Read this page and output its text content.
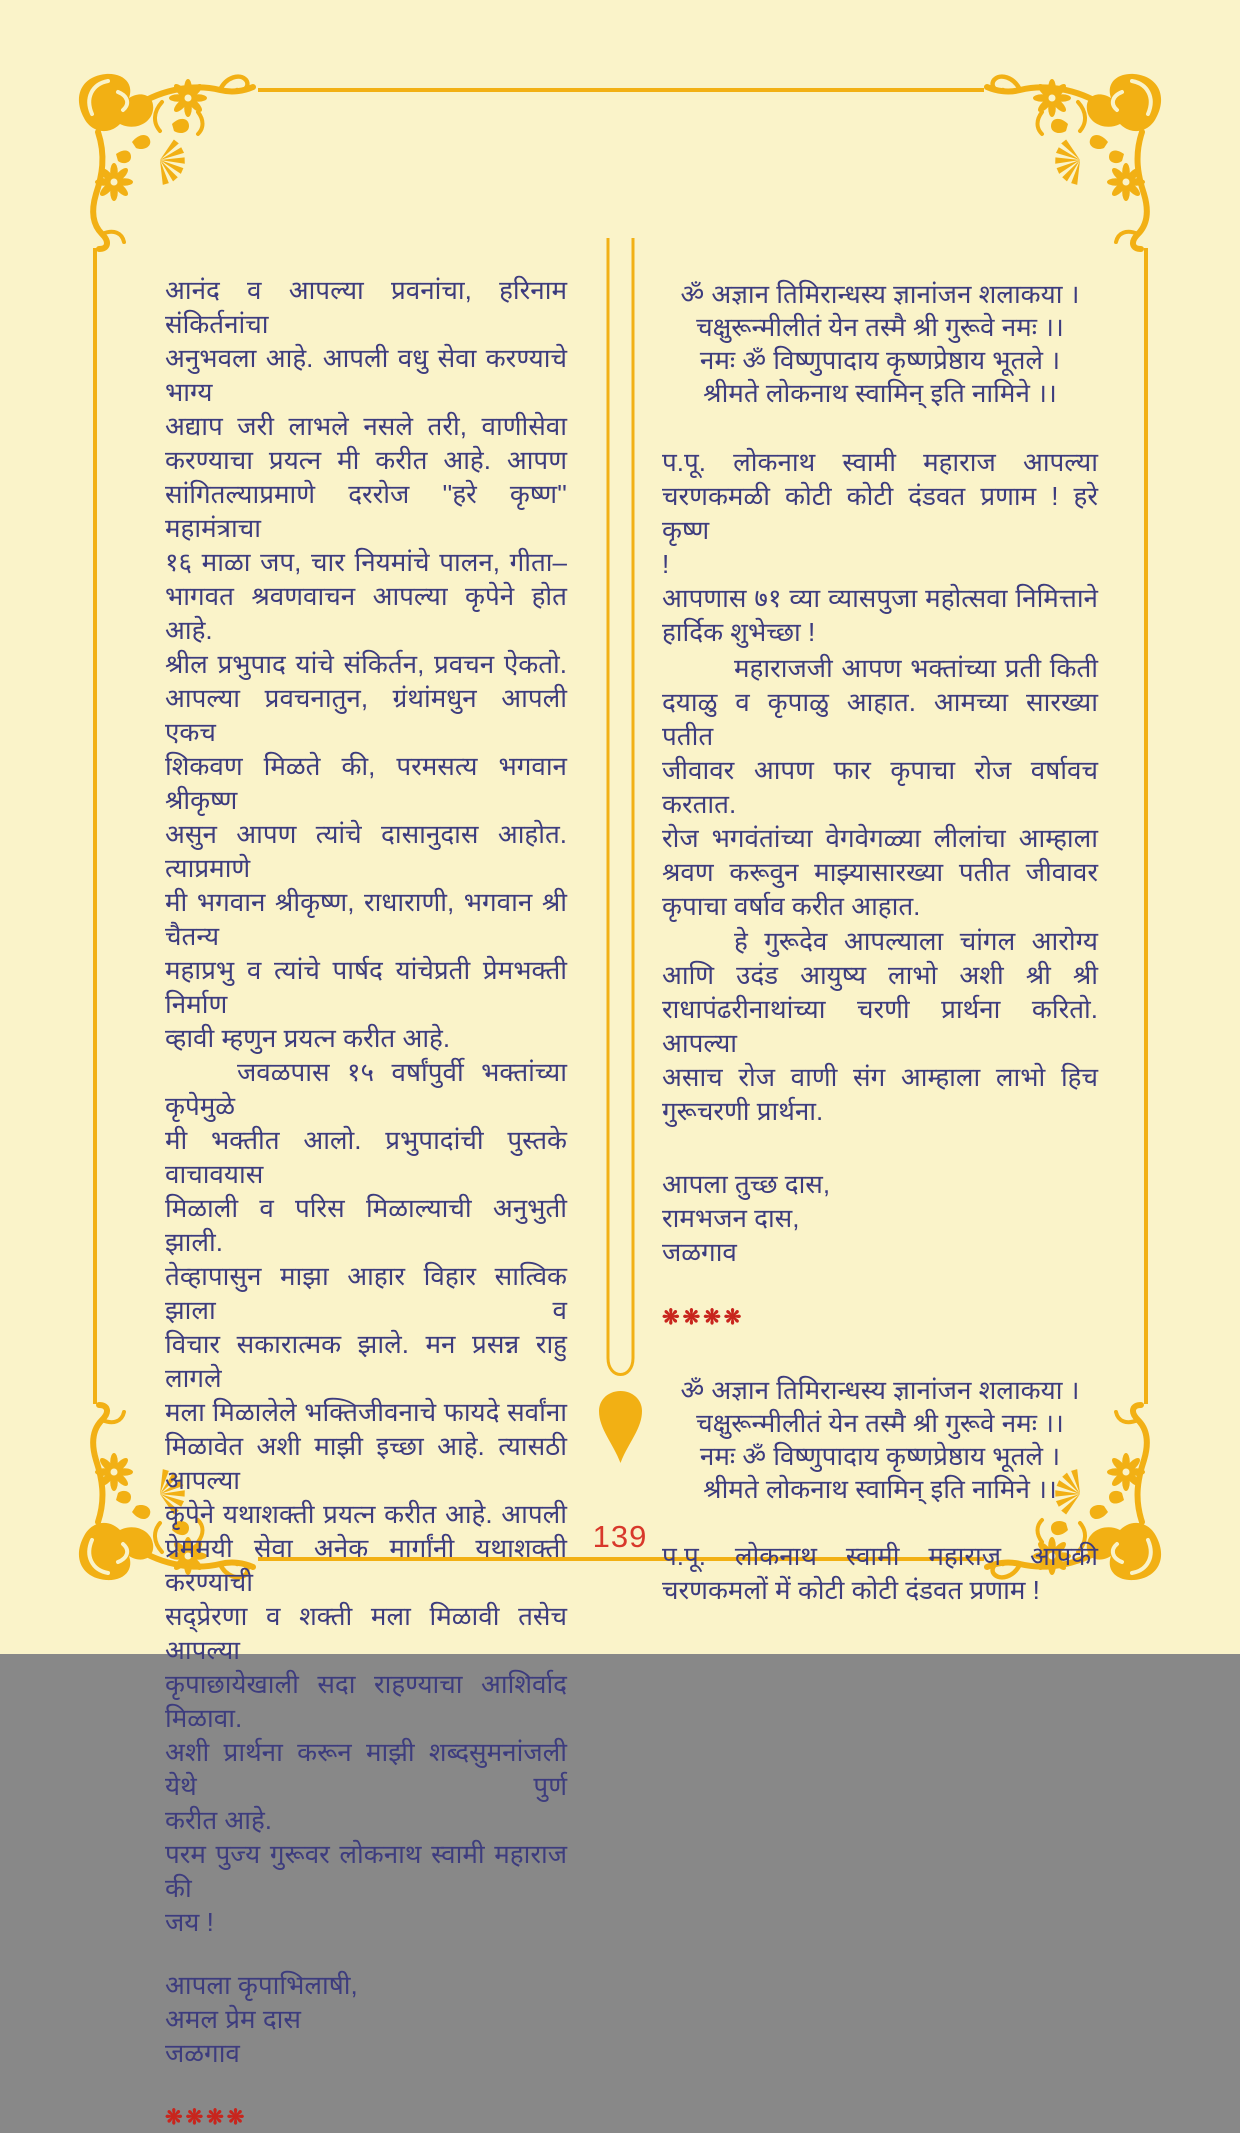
आनंद व आपल्या प्रवनांचा, हरिनाम संकिर्तनांचा
अनुभवला आहे. आपली वधु सेवा करण्याचे भाग्य
अद्याप जरी लाभले नसले तरी, वाणीसेवा
करण्याचा प्रयत्न मी करीत आहे. आपण
सांगितल्याप्रमाणे दररोज ''हरे कृष्ण'' महामंत्राचा
१६ माळा जप, चार नियमांचे पालन, गीता–
भागवत श्रवणवाचन आपल्या कृपेने होत आहे.
श्रील प्रभुपाद यांचे संकिर्तन, प्रवचन ऐकतो.
आपल्या प्रवचनातुन, ग्रंथांमधुन आपली एकच
शिकवण मिळते की, परमसत्य भगवान श्रीकृष्ण
असुन आपण त्यांचे दासानुदास आहोत. त्याप्रमाणे
मी भगवान श्रीकृष्ण, राधाराणी, भगवान श्री चैतन्य
महाप्रभु व त्यांचे पार्षद यांचेप्रती प्रेमभक्ती निर्माण
व्हावी म्हणुन प्रयत्न करीत आहे.
जवळपास १५ वर्षांपुर्वी भक्तांच्या कृपेमुळे
मी भक्तीत आलो. प्रभुपादांची पुस्तके वाचावयास
मिळाली व परिस मिळाल्याची अनुभुती झाली.
तेव्हापासुन माझा आहार विहार सात्विक झाला व
विचार सकारात्मक झाले. मन प्रसन्न राहु लागले
मला मिळालेले भक्तिजीवनाचे फायदे सर्वांना
मिळावेत अशी माझी इच्छा आहे. त्यासठी आपल्या
कृपेने यथाशक्ती प्रयत्न करीत आहे. आपली
प्रेममयी सेवा अनेक मार्गांनी यथाशक्ती करण्याची
सद्प्रेरणा व शक्ती मला मिळावी तसेच आपल्या
कृपाछायेखाली सदा राहण्याचा आशिर्वाद मिळावा.
अशी प्रार्थना करून माझी शब्दसुमनांजली येथे पुर्ण
करीत आहे.
परम पुज्य गुरूवर लोकनाथ स्वामी महाराज की
जय !
आपला कृपाभिलाषी,
अमल प्रेम दास
जळगाव
❋❋❋❋
ॐ अज्ञान तिमिरान्धस्य ज्ञानांजन शलाकया ।
चक्षुरून्मीलीतं येन तस्मै श्री गुरूवे नमः ।।
नमः ॐ विष्णुपादाय कृष्णप्रेष्ठाय भूतले ।
श्रीमते लोकनाथ स्वामिन् इति नामिने ।।
प.पू. लोकनाथ स्वामी महाराज आपल्या
चरणकमळी कोटी कोटी दंडवत प्रणाम ! हरे कृष्ण
!
आपणास ७१ व्या व्यासपुजा महोत्सवा निमित्ताने
हार्दिक शुभेच्छा !
महाराजजी आपण भक्तांच्या प्रती किती
दयाळु व कृपाळु आहात. आमच्या सारख्या पतीत
जीवावर आपण फार कृपाचा रोज वर्षावच करतात.
रोज भगवंतांच्या वेगवेगळ्या लीलांचा आम्हाला
श्रवण करूवुन माझ्यासारख्या पतीत जीवावर
कृपाचा वर्षाव करीत आहात.
हे गुरूदेव आपल्याला चांगल आरोग्य
आणि उदंड आयुष्य लाभो अशी श्री श्री
राधापंढरीनाथांच्या चरणी प्रार्थना करितो. आपल्या
असाच रोज वाणी संग आम्हाला लाभो हिच
गुरूचरणी प्रार्थना.
आपला तुच्छ दास,
रामभजन दास,
जळगाव
❋❋❋❋
ॐ अज्ञान तिमिरान्धस्य ज्ञानांजन शलाकया ।
चक्षुरून्मीलीतं येन तस्मै श्री गुरूवे नमः ।।
नमः ॐ विष्णुपादाय कृष्णप्रेष्ठाय भूतले ।
श्रीमते लोकनाथ स्वामिन् इति नामिने ।।
प.पू. लोकनाथ स्वामी महाराज आपकी
चरणकमलों में कोटी कोटी दंडवत प्रणाम !
139
